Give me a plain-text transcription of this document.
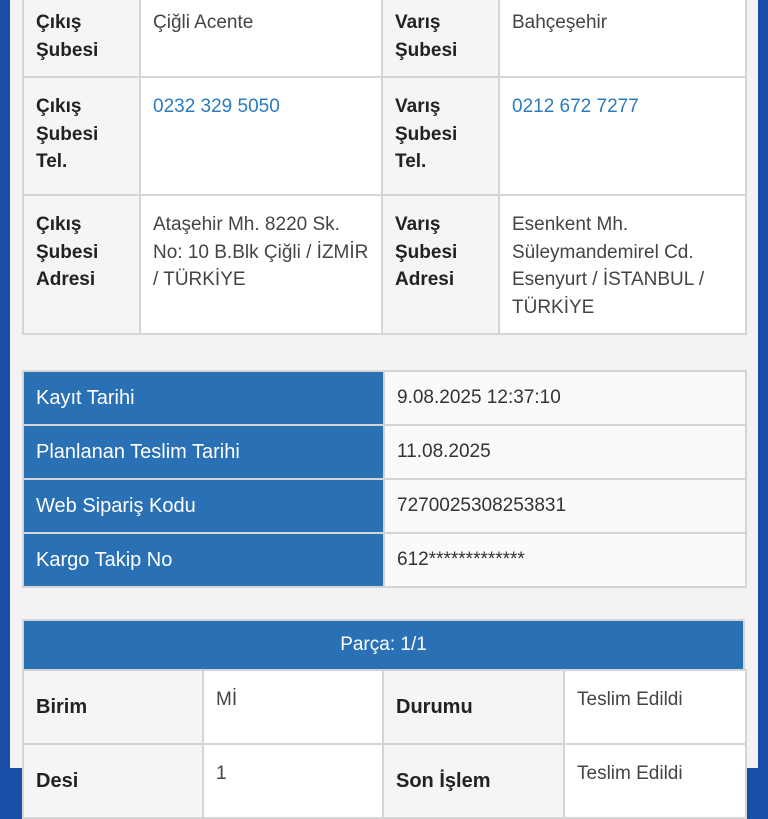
Çıkış Şubesi	Çiğli Acente	Varış Şubesi	Bahçeşehir
Çıkış Şubesi Tel.	0232 329 5050	Varış Şubesi Tel.	0212 672 7277
Çıkış Şubesi Adresi	Ataşehir Mh. 8220 Sk. No: 10 B.Blk Çiğli / İZMİR / TÜRKİYE	Varış Şubesi Adresi	Esenkent Mh. Süleymandemirel Cd. Esenyurt / İSTANBUL / TÜRKİYE
Kayıt Tarihi	9.08.2025 12:37:10
Planlanan Teslim Tarihi	11.08.2025
Web Sipariş Kodu	7270025308253831
Kargo Takip No	612*************
Parça: 1/1
Birim	Mİ	Durumu	Teslim Edildi
Desi	1	Son İşlem	Teslim Edildi
